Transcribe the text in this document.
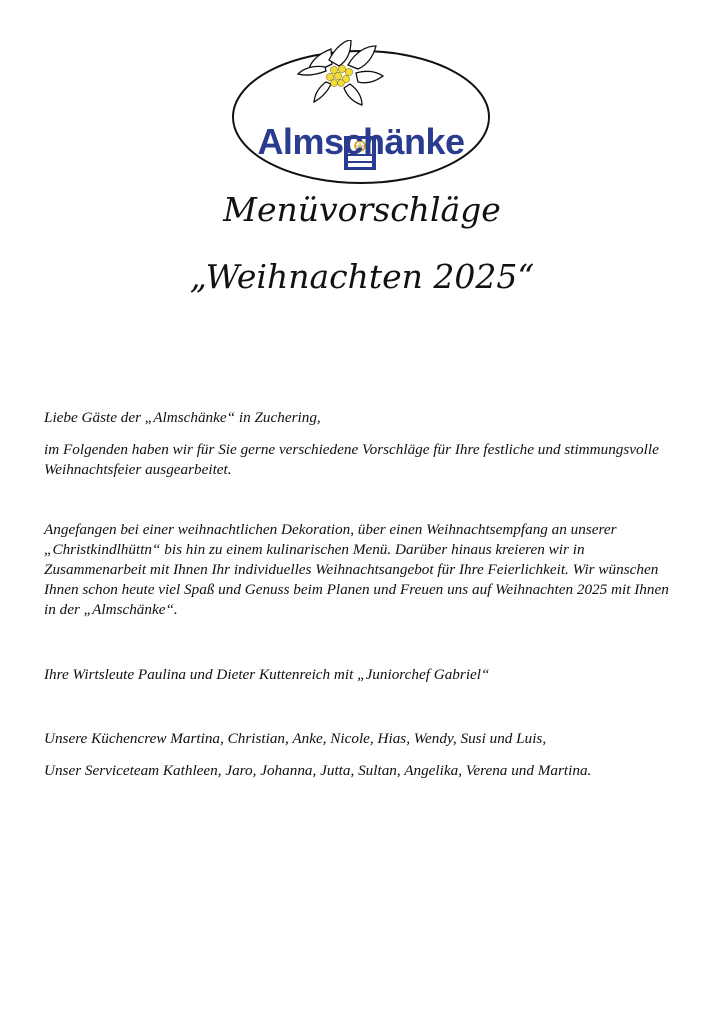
Almschänke
Menüvorschläge
„Weihnachten 2025“

Liebe Gäste der „Almschänke“ in Zuchering,

im Folgenden haben wir für Sie gerne verschiedene Vorschläge für Ihre festliche und stimmungsvolle Weihnachtsfeier ausgearbeitet.

Angefangen bei einer weihnachtlichen Dekoration, über einen Weihnachtsempfang an unserer „Christkindlhüttn“ bis hin zu einem kulinarischen Menü. Darüber hinaus kreieren wir in Zusammenarbeit mit Ihnen Ihr individuelles Weihnachtsangebot für Ihre Feierlichkeit. Wir wünschen Ihnen schon heute viel Spaß und Genuss beim Planen und Freuen uns auf Weihnachten 2025 mit Ihnen in der „Almschänke“.

Ihre Wirtsleute Paulina und Dieter Kuttenreich mit „Juniorchef Gabriel“

Unsere Küchencrew Martina, Christian, Anke, Nicole, Hias, Wendy, Susi und Luis,

Unser Serviceteam Kathleen, Jaro, Johanna, Jutta, Sultan, Angelika, Verena und Martina.
